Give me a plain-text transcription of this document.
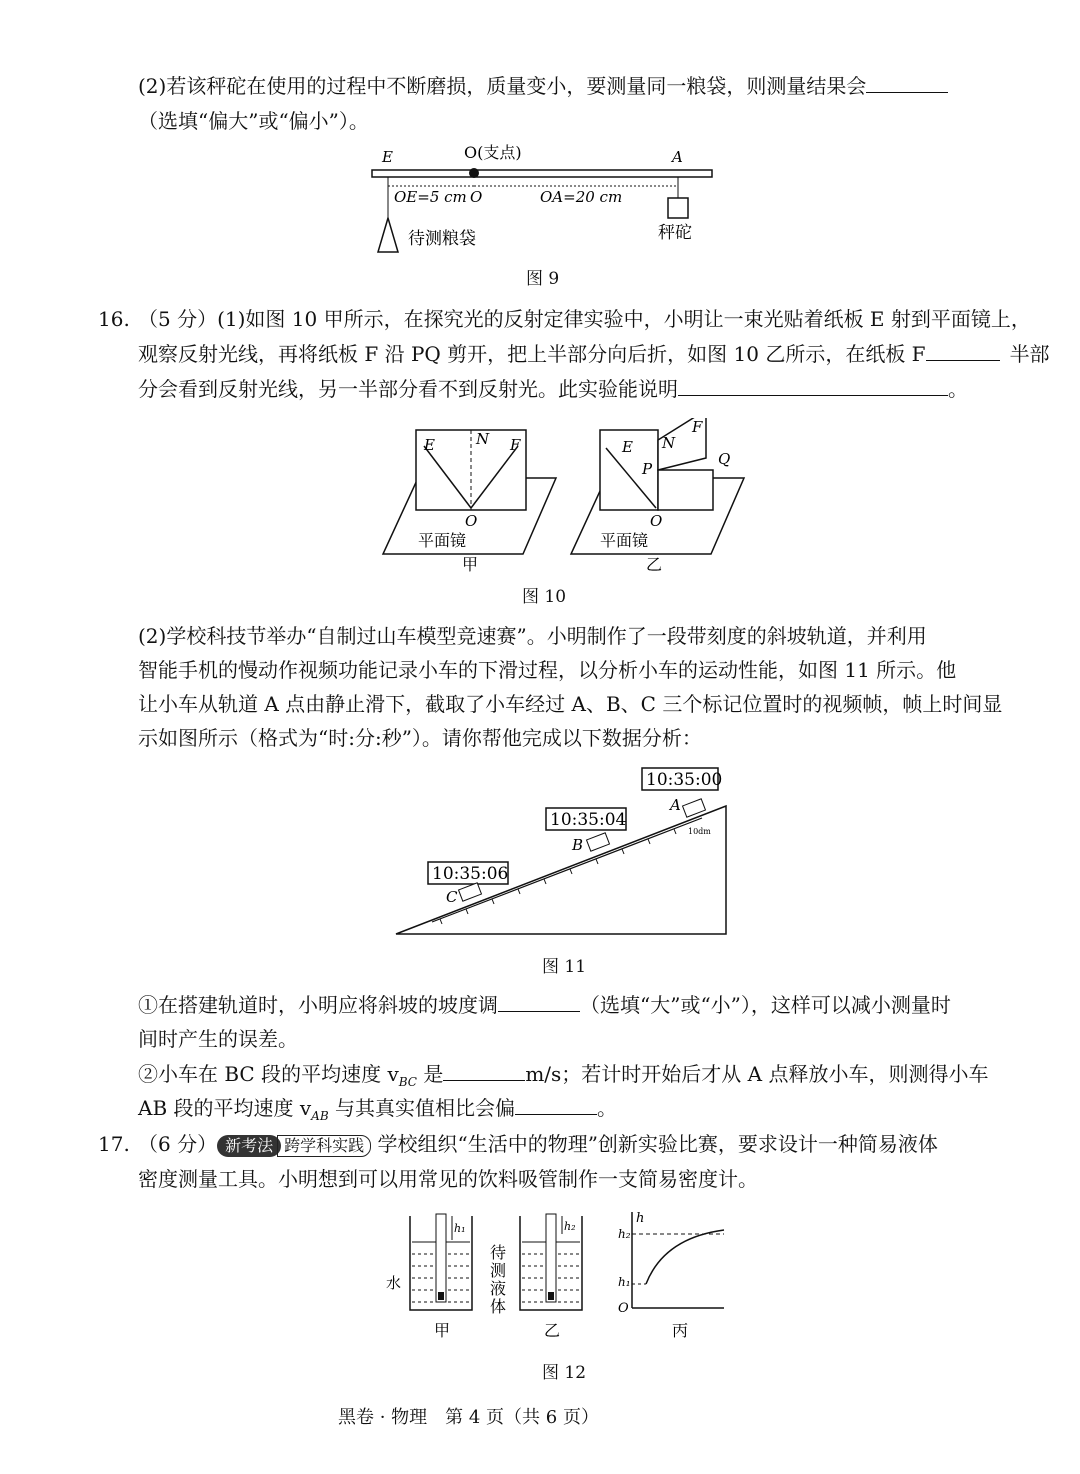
(2)若该秤砣在使用的过程中不断磨损，质量变小，要测量同一粮袋，则测量结果会
（选填“偏大”或“偏小”）。
E	O(支点)	A
OE=5 cm O	OA=20 cm
待测粮袋	秤砣
图 9
16. （5 分）(1)如图 10 甲所示，在探究光的反射定律实验中，小明让一束光贴着纸板 E 射到平面镜上，
观察反射光线，再将纸板 F 沿 PQ 剪开，把上半部分向后折，如图 10 乙所示，在纸板 F	半部
分会看到反射光线，另一半部分看不到反射光。此实验能说明	。
E	N F
O
平面镜
甲
E N
F
P
Q
O
平面镜
乙
图 10
(2)学校科技节举办“自制过山车模型竞速赛”。小明制作了一段带刻度的斜坡轨道，并利用
智能手机的慢动作视频功能记录小车的下滑过程，以分析小车的运动性能，如图 11 所示。他
让小车从轨道 A 点由静止滑下，截取了小车经过 A、B、C 三个标记位置时的视频帧，帧上时间显
示如图所示（格式为“时:分:秒”）。请你帮他完成以下数据分析：
10:35:06
10:35:04
10:35:00
C
B
A
10dm
图 11
①在搭建轨道时，小明应将斜坡的坡度调	（选填“大”或“小”），这样可以减小测量时
间时产生的误差。
②小车在 BC 段的平均速度 $v_{BC}$ 是	m/s；若计时开始后才从 A 点释放小车，则测得小车
AB 段的平均速度 $v_{AB}$ 与其真实值相比会偏	。
17. （6 分） 新考法 跨学科实践 学校组织“生活中的物理”创新实验比赛，要求设计一种简易液体
密度测量工具。小明想到可以用常见的饮料吸管制作一支简易密度计。
h₁
水
待测液体
h₂
h
h₂
h₁
O
甲	乙	丙
图 12
黑卷 · 物理　第 4 页（共 6 页）
